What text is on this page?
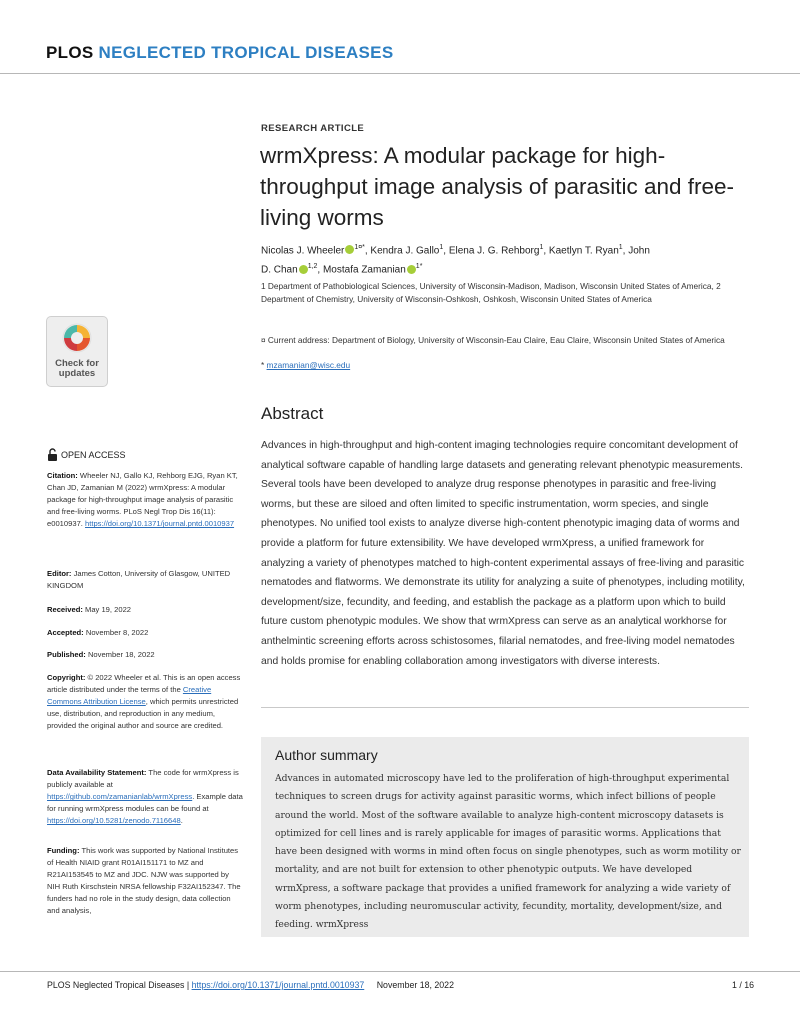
PLOS NEGLECTED TROPICAL DISEASES
RESEARCH ARTICLE
wrmXpress: A modular package for high-throughput image analysis of parasitic and free-living worms
Nicolas J. Wheeler $^{1¤*}$, Kendra J. Gallo$^1$, Elena J. G. Rehborg$^1$, Kaetlyn T. Ryan$^1$, John
D. Chan $^{1,2}$, Mostafa Zamanian $^{1*}$
1 Department of Pathobiological Sciences, University of Wisconsin-Madison, Madison, Wisconsin United States of America, 2 Department of Chemistry, University of Wisconsin-Oshkosh, Oshkosh, Wisconsin United States of America
¤ Current address: Department of Biology, University of Wisconsin-Eau Claire, Eau Claire, Wisconsin United States of America
* mzamanian@wisc.edu
Check for
updates
Abstract

Advances in high-throughput and high-content imaging technologies require concomitant development of analytical software capable of handling large datasets and generating relevant phenotypic measurements. Several tools have been developed to analyze drug response phenotypes in parasitic and free-living worms, but these are siloed and often limited to specific instrumentation, worm species, and single phenotypes. No unified tool exists to analyze diverse high-content phenotypic imaging data of worms and provide a platform for future extensibility. We have developed wrmXpress, a unified framework for analyzing a variety of phenotypes matched to high-content experimental assays of free-living and parasitic nematodes and flatworms. We demonstrate its utility for analyzing a suite of phenotypes, including motility, development/size, fecundity, and feeding, and establish the package as a platform upon which to build future custom phenotypic modules. We show that wrmXpress can serve as an analytical workhorse for anthelmintic screening efforts across schistosomes, filarial nematodes, and free-living model nematodes and holds promise for enabling collaboration among investigators with diverse interests.

Author summary

Advances in automated microscopy have led to the proliferation of high-throughput experimental techniques to screen drugs for activity against parasitic worms, which infect billions of people around the world. Most of the software available to analyze high-content microscopy datasets is optimized for cell lines and is rarely applicable for images of parasitic worms. Applications that have been designed with worms in mind often focus on single phenotypes, such as worm motility or mortality, and are not built for extension to other phenotypic outputs. We have developed wrmXpress, a software package that provides a unified framework for analyzing a wide variety of worm phenotypes, including neuromuscular activity, fecundity, mortality, development/size, and feeding. wrmXpress

OPEN ACCESS
Citation: Wheeler NJ, Gallo KJ, Rehborg EJG, Ryan KT, Chan JD, Zamanian M (2022) wrmXpress: A modular package for high-throughput image analysis of parasitic and free-living worms. PLoS Negl Trop Dis 16(11): e0010937. https://doi.org/10.1371/journal.pntd.0010937
Editor: James Cotton, University of Glasgow, UNITED KINGDOM
Received: May 19, 2022
Accepted: November 8, 2022
Published: November 18, 2022
Copyright: © 2022 Wheeler et al. This is an open access article distributed under the terms of the Creative Commons Attribution License, which permits unrestricted use, distribution, and reproduction in any medium, provided the original author and source are credited.
Data Availability Statement: The code for wrmXpress is publicly available at https://github.com/zamanianlab/wrmXpress. Example data for running wrmXpress modules can be found at https://doi.org/10.5281/zenodo.7116648.
Funding: This work was supported by National Institutes of Health NIAID grant R01AI151171 to MZ and R21AI153545 to MZ and JDC. NJW was supported by NIH Ruth Kirschstein NRSA fellowship F32AI152347. The funders had no role in the study design, data collection and analysis,
PLOS Neglected Tropical Diseases | https://doi.org/10.1371/journal.pntd.0010937 November 18, 2022	1 / 16
